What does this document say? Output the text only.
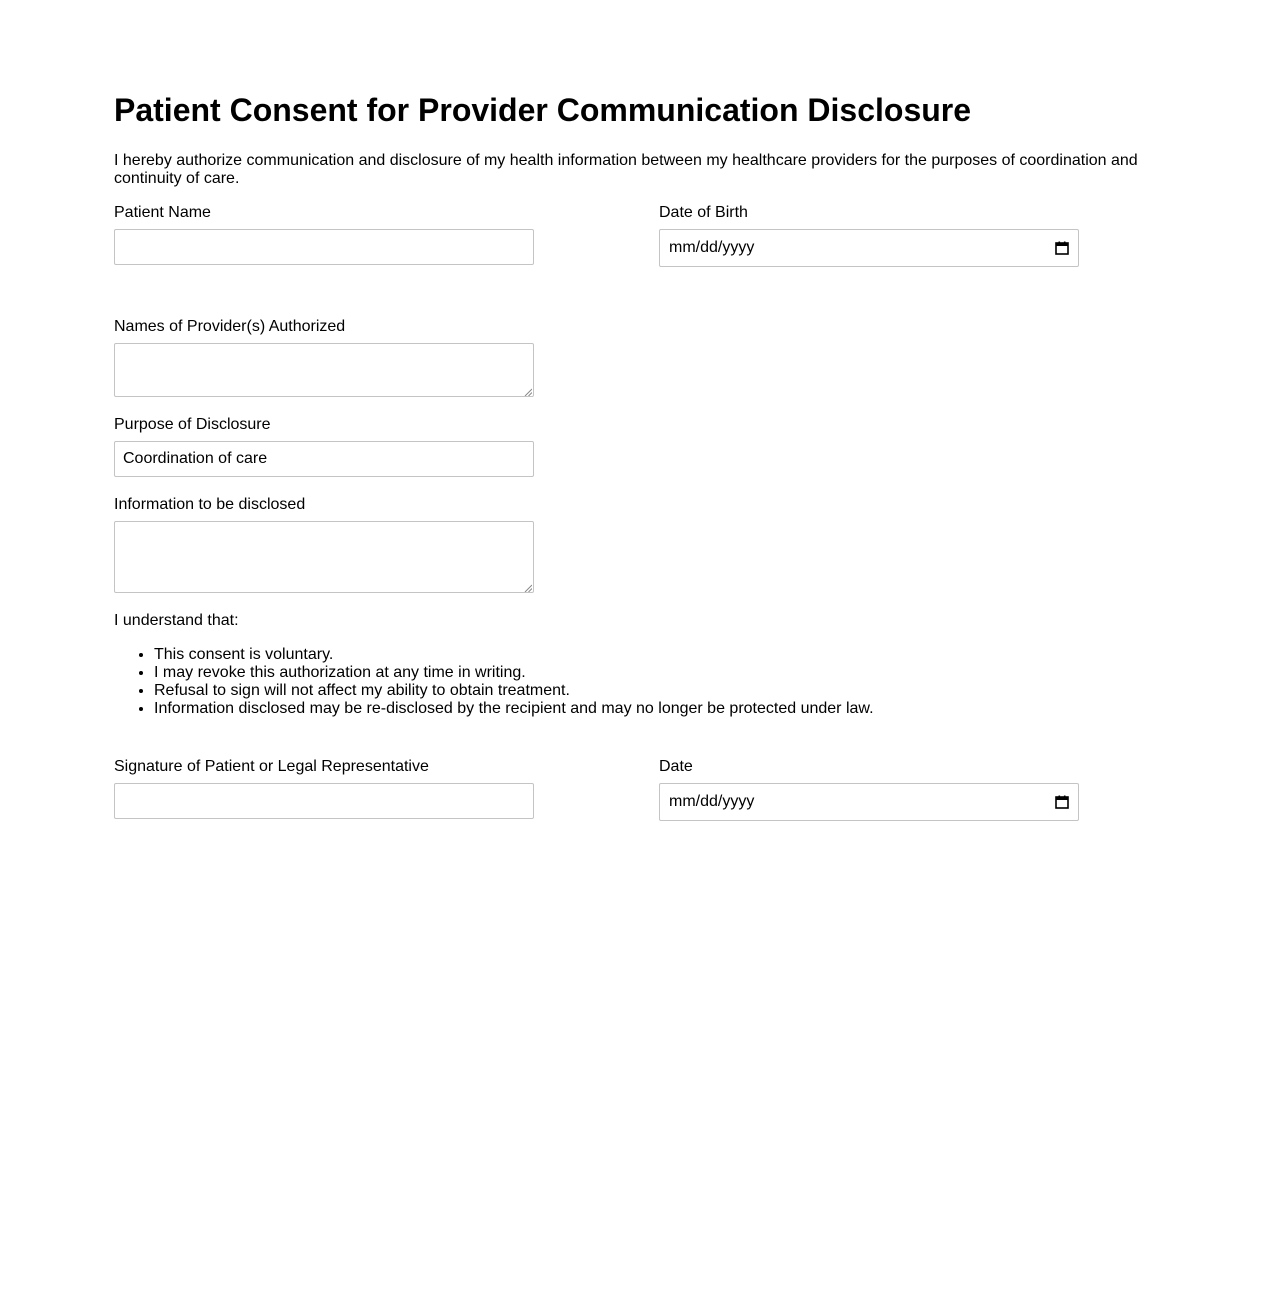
Patient Consent for Provider Communication Disclosure

I hereby authorize communication and disclosure of my health information between my healthcare providers for the purposes of coordination and continuity of care.

Patient Name	Date of Birth
mm/dd/yyyy
Names of Provider(s) Authorized
Purpose of Disclosure
Coordination of care
Information to be disclosed

I understand that:

• This consent is voluntary.
• I may revoke this authorization at any time in writing.
• Refusal to sign will not affect my ability to obtain treatment.
• Information disclosed may be re-disclosed by the recipient and may no longer be protected under law.
Signature of Patient or Legal Representative	Date
mm/dd/yyyy
